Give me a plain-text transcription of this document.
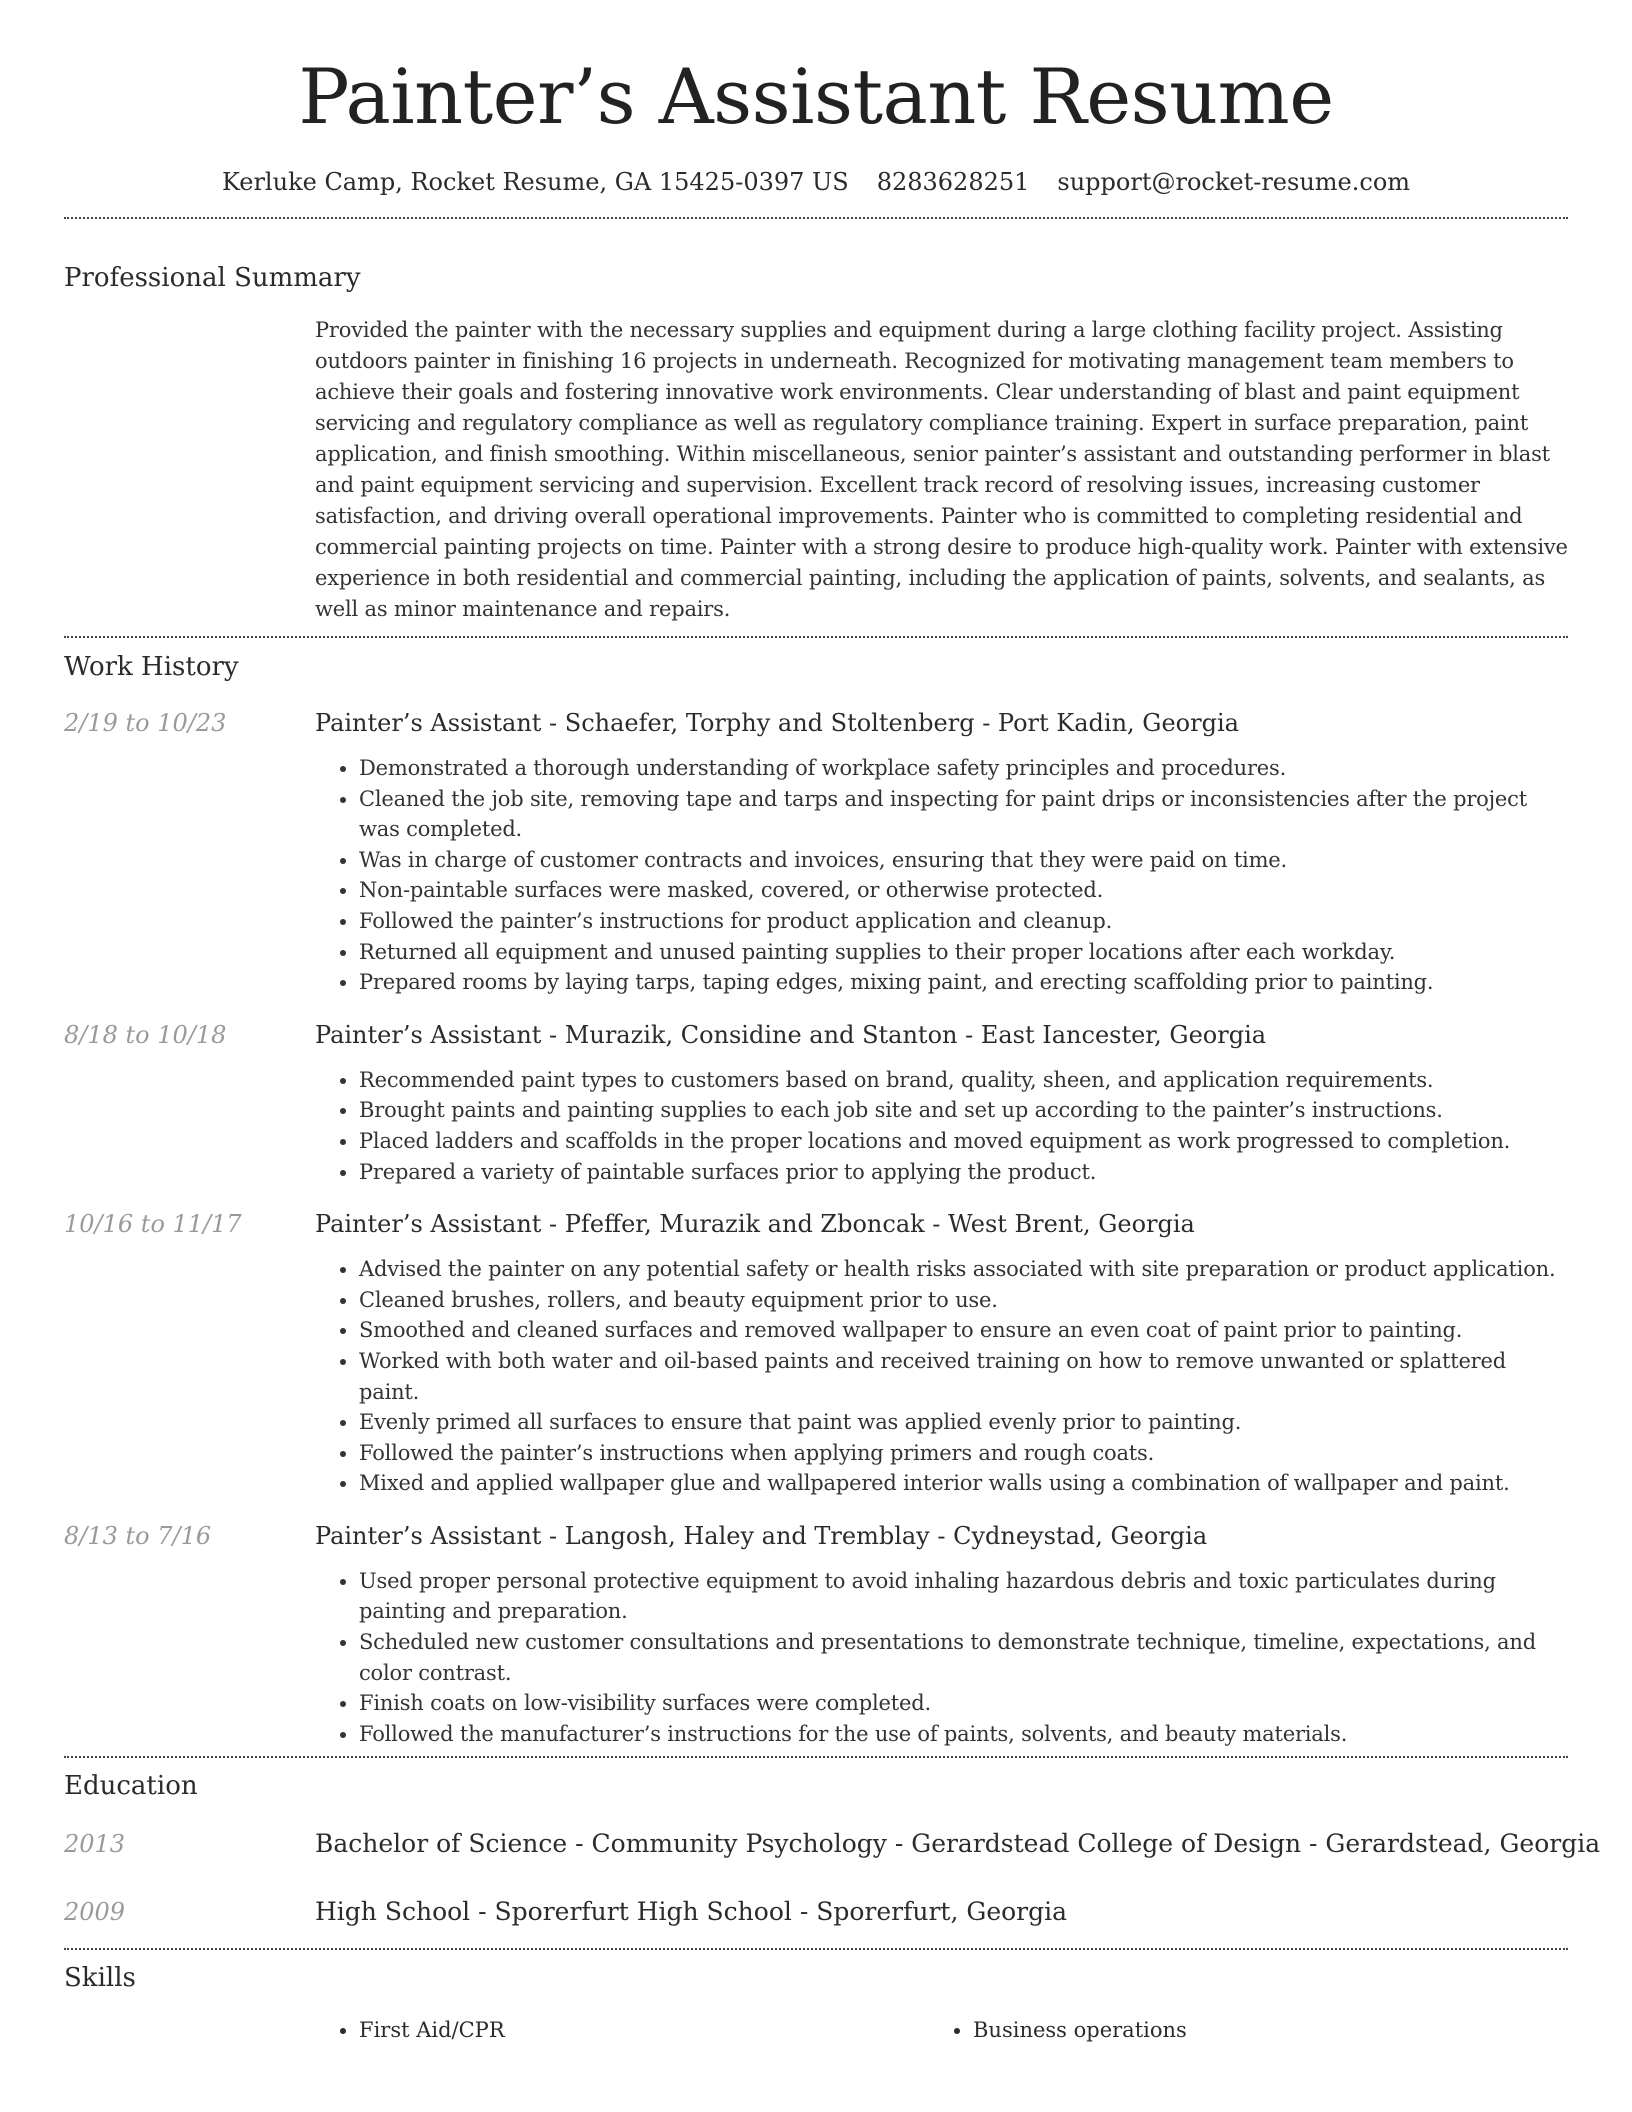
Painter’s Assistant Resume
Kerluke Camp, Rocket Resume, GA 15425-0397 US 8283628251 support@rocket-resume.com
Professional Summary
Provided the painter with the necessary supplies and equipment during a large clothing facility project. Assisting outdoors painter in finishing 16 projects in underneath. Recognized for motivating management team members to achieve their goals and fostering innovative work environments. Clear understanding of blast and paint equipment servicing and regulatory compliance as well as regulatory compliance training. Expert in surface preparation, paint application, and finish smoothing. Within miscellaneous, senior painter’s assistant and outstanding performer in blast and paint equipment servicing and supervision. Excellent track record of resolving issues, increasing customer satisfaction, and driving overall operational improvements. Painter who is committed to completing residential and commercial painting projects on time. Painter with a strong desire to produce high-quality work. Painter with extensive experience in both residential and commercial painting, including the application of paints, solvents, and sealants, as well as minor maintenance and repairs.
Work History
2/19 to 10/23	Painter’s Assistant - Schaefer, Torphy and Stoltenberg - Port Kadin, Georgia
• Demonstrated a thorough understanding of workplace safety principles and procedures.
• Cleaned the job site, removing tape and tarps and inspecting for paint drips or inconsistencies after the project was completed.
• Was in charge of customer contracts and invoices, ensuring that they were paid on time.
• Non-paintable surfaces were masked, covered, or otherwise protected.
• Followed the painter’s instructions for product application and cleanup.
• Returned all equipment and unused painting supplies to their proper locations after each workday.
• Prepared rooms by laying tarps, taping edges, mixing paint, and erecting scaffolding prior to painting.
8/18 to 10/18	Painter’s Assistant - Murazik, Considine and Stanton - East Iancester, Georgia
• Recommended paint types to customers based on brand, quality, sheen, and application requirements.
• Brought paints and painting supplies to each job site and set up according to the painter’s instructions.
• Placed ladders and scaffolds in the proper locations and moved equipment as work progressed to completion.
• Prepared a variety of paintable surfaces prior to applying the product.
10/16 to 11/17	Painter’s Assistant - Pfeffer, Murazik and Zboncak - West Brent, Georgia
• Advised the painter on any potential safety or health risks associated with site preparation or product application.
• Cleaned brushes, rollers, and beauty equipment prior to use.
• Smoothed and cleaned surfaces and removed wallpaper to ensure an even coat of paint prior to painting.
• Worked with both water and oil-based paints and received training on how to remove unwanted or splattered paint.
• Evenly primed all surfaces to ensure that paint was applied evenly prior to painting.
• Followed the painter’s instructions when applying primers and rough coats.
• Mixed and applied wallpaper glue and wallpapered interior walls using a combination of wallpaper and paint.
8/13 to 7/16	Painter’s Assistant - Langosh, Haley and Tremblay - Cydneystad, Georgia
• Used proper personal protective equipment to avoid inhaling hazardous debris and toxic particulates during painting and preparation.
• Scheduled new customer consultations and presentations to demonstrate technique, timeline, expectations, and color contrast.
• Finish coats on low-visibility surfaces were completed.
• Followed the manufacturer’s instructions for the use of paints, solvents, and beauty materials.
Education
2013	Bachelor of Science - Community Psychology - Gerardstead College of Design - Gerardstead, Georgia
2009	High School - Sporerfurt High School - Sporerfurt, Georgia
Skills
• First Aid/CPR
•	Business operations
